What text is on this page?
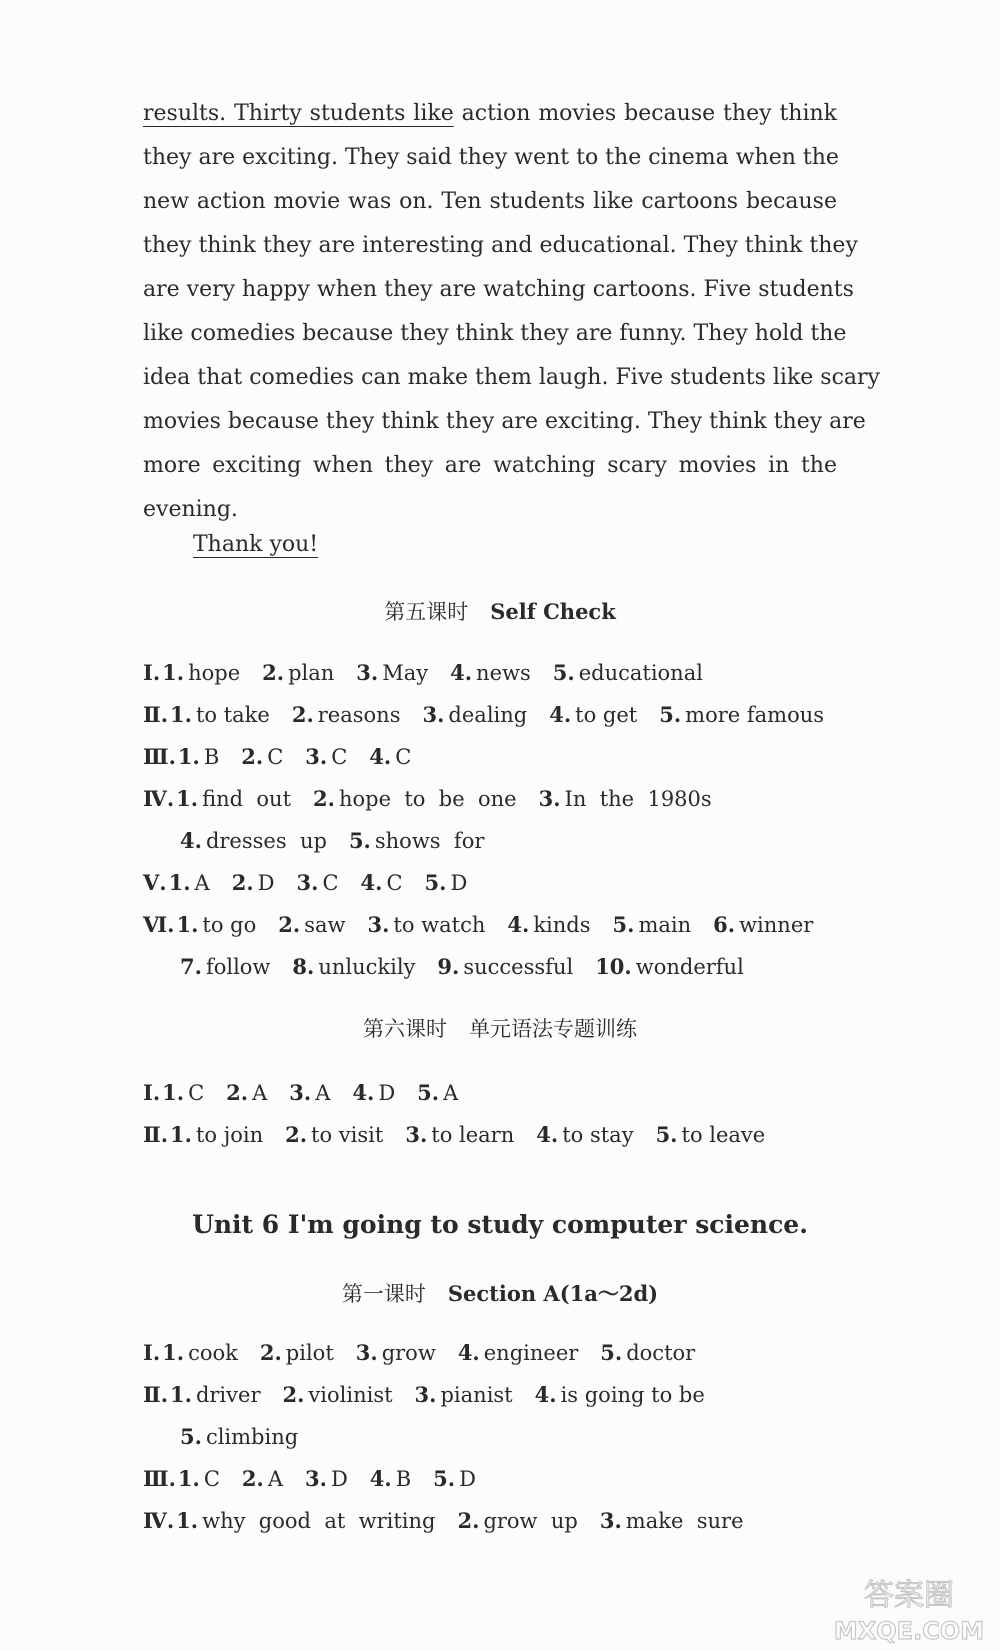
results. Thirty students like action movies because they think
they are exciting. They said they went to the cinema when the
new action movie was on. Ten students like cartoons because
they think they are interesting and educational. They think they
are very happy when they are watching cartoons. Five students
like comedies because they think they are funny. They hold the
idea that comedies can make them laugh. Five students like scary
movies because they think they are exciting. They think they are
more exciting when they are watching scary movies in the
evening.
Thank you!
第五课时 Self Check
Ⅰ.1. hope 2. plan 3. May 4. news 5. educational
Ⅱ.1. to take 2. reasons 3. dealing 4. to get 5. more famous
Ⅲ.1. B 2. C 3. C 4. C
Ⅳ.1. find  out 2. hope  to  be  one 3. In  the  1980s
4. dresses  up 5. shows  for
Ⅴ.1. A 2. D 3. C 4. C 5. D
Ⅵ.1. to go 2. saw 3. to watch 4. kinds 5. main 6. winner
7. follow 8. unluckily 9. successful 10. wonderful
第六课时 单元语法专题训练
Ⅰ.1. C 2. A 3. A 4. D 5. A
Ⅱ.1. to join 2. to visit 3. to learn 4. to stay 5. to leave
Unit 6 I'm going to study computer science.
第一课时 Section A(1a～2d)
Ⅰ.1. cook 2. pilot 3. grow 4. engineer 5. doctor
Ⅱ.1. driver 2. violinist 3. pianist 4. is going to be
5. climbing
Ⅲ.1. C 2. A 3. D 4. B 5. D
Ⅳ.1. why  good  at  writing 2. grow  up 3. make  sure
答案圈
MXQE.COM
